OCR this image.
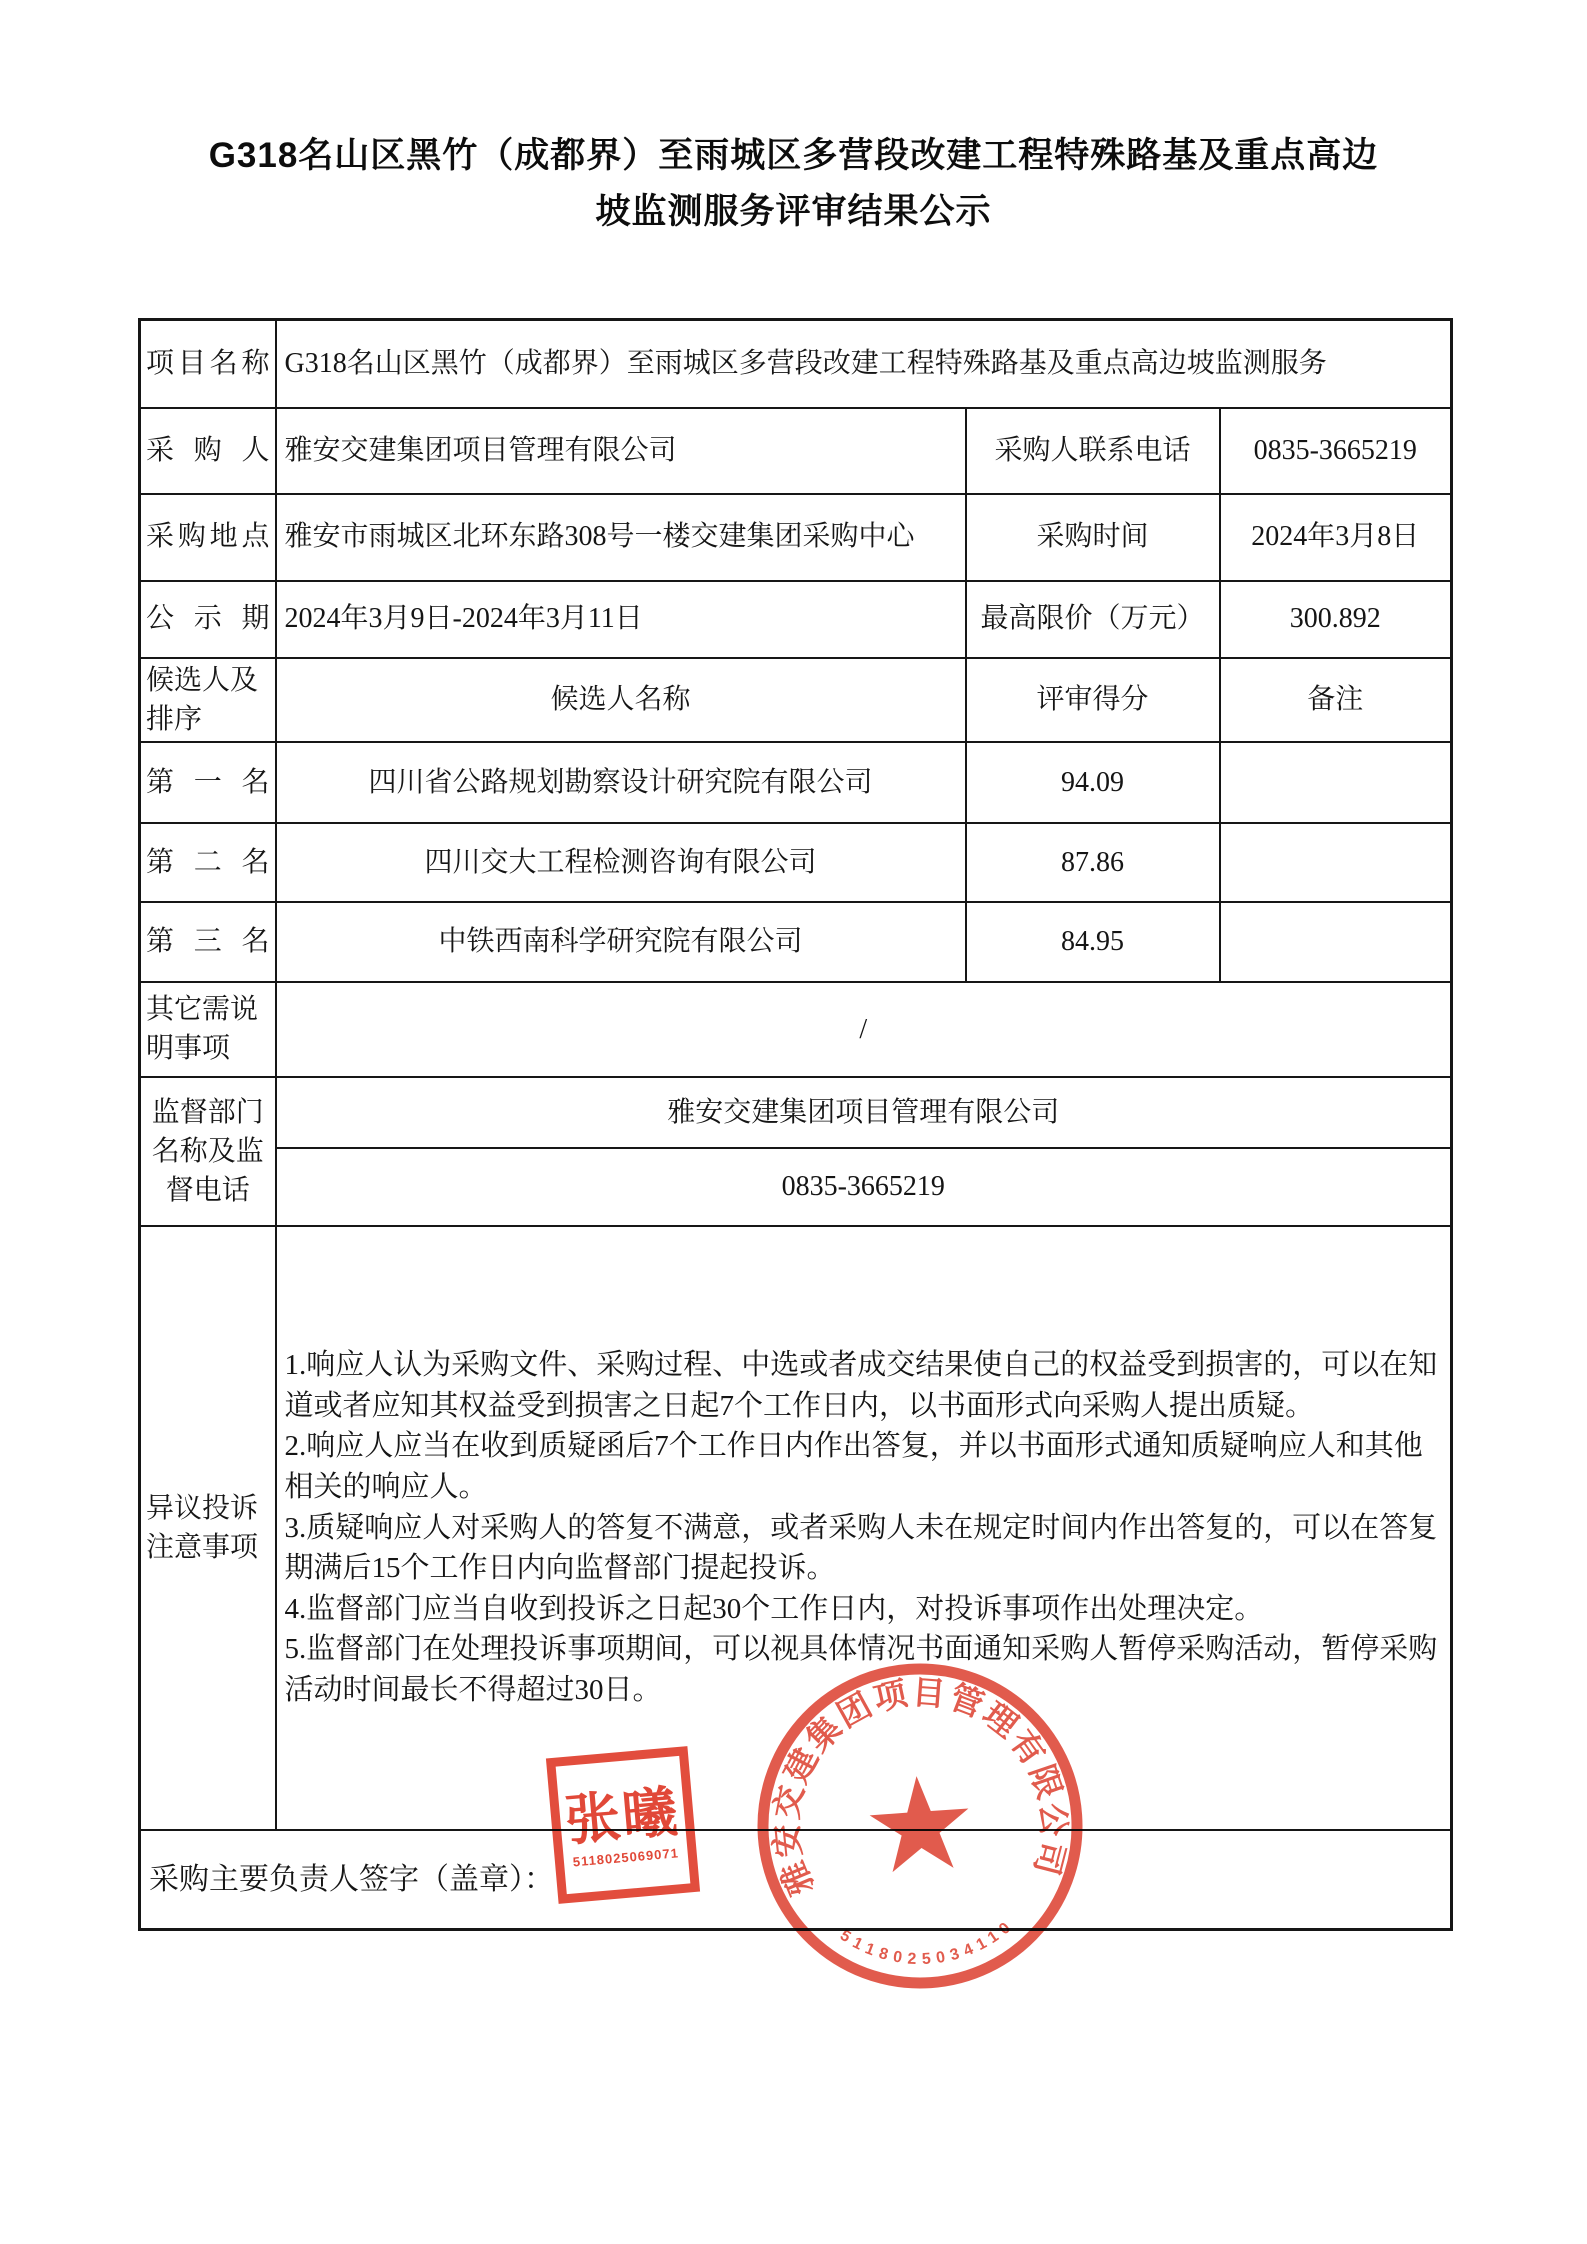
G318名山区黑竹（成都界）至雨城区多营段改建工程特殊路基及重点高边
坡监测服务评审结果公示
项目名称	G318名山区黑竹（成都界）至雨城区多营段改建工程特殊路基及重点高边坡监测服务		
采购人	雅安交建集团项目管理有限公司	采购人联系电话	0835-3665219
采购地点	雅安市雨城区北环东路308号一楼交建集团采购中心	采购时间	2024年3月8日
公示期	2024年3月9日-2024年3月11日	最高限价（万元）	300.892
候选人及排序	候选人名称	评审得分	备注
第一名	四川省公路规划勘察设计研究院有限公司	94.09	
第二名	四川交大工程检测咨询有限公司	87.86	
第三名	中铁西南科学研究院有限公司	84.95	
其它需说明事项	/		
监督部门名称及监督电话	雅安交建集团项目管理有限公司		
	0835-3665219		
异议投诉注意事项	1.响应人认为采购文件、采购过程、中选或者成交结果使自己的权益受到损害的，可以在知道或者应知其权益受到损害之日起7个工作日内，以书面形式向采购人提出质疑。
2.响应人应当在收到质疑函后7个工作日内作出答复，并以书面形式通知质疑响应人和其他相关的响应人。
3.质疑响应人对采购人的答复不满意，或者采购人未在规定时间内作出答复的，可以在答复期满后15个工作日内向监督部门提起投诉。
4.监督部门应当自收到投诉之日起30个工作日内，对投诉事项作出处理决定。
5.监督部门在处理投诉事项期间，可以视具体情况书面通知采购人暂停采购活动，暂停采购活动时间最长不得超过30日。		

采购主要负责人签字（盖章）：			
张曦
5118025069071	雅安交建集团项目管理有限公司
5118025034110
